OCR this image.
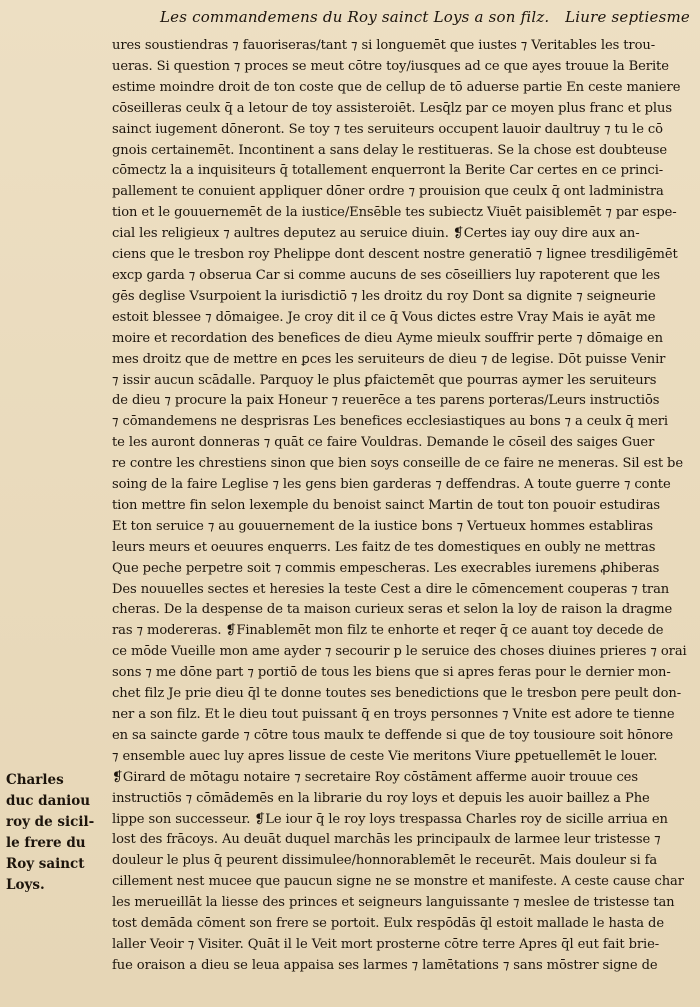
Les commandemens du Roy sainct Loys a son filz. Liure septiesme
ures soustiendras ⁊ fauoriseras/tant ⁊ si longuemēt que iustes ⁊ Veritables les trou-
ueras. Si question ⁊ proces se meut cōtre toy/iusques ad ce que ayes trouue la Berite
estime moindre droit de ton coste que de cellup de tō aduerse partie En ceste maniere
cōseilleras ceulx q̄ a letour de toy assisteroiēt. Lesq̄lz par ce moyen plus franc et plus
sainct iugement dōneront. Se toy ⁊ tes seruiteurs occupent lauoir daultruy ⁊ tu le cō
gnois certainemēt. Incontinent a sans delay le restitueras. Se la chose est doubteuse
cōmectz la a inquisiteurs q̄ totallement enquerront la Berite Car certes en ce princi-
pallement te conuient appliquer dōner ordre ⁊ prouision que ceulx q̄ ont ladministra
tion et le gouuernemēt de la iustice/Ensēble tes subiectz Viuēt paisiblemēt ⁊ par espe-
cial les religieux ⁊ aultres deputez au seruice diuin. ❡Certes iay ouy dire aux an-
ciens que le tresbon roy Phelippe dont descent nostre generatiō ⁊ lignee tresdiligēmēt
excp garda ⁊ obserua Car si comme aucuns de ses cōseilliers luy rapoterent que les
gēs deglise Vsurpoient la iurisdictiō ⁊ les droitz du roy Dont sa dignite ⁊ seigneurie
estoit blessee ⁊ dōmaigee. Je croy dit il ce q̄ Vous dictes estre Vray Mais ie ayāt me
moire et recordation des benefices de dieu Ayme mieulx souffrir perte ⁊ dōmaige en
mes droitz que de mettre en ꝑces les seruiteurs de dieu ⁊ de legise. Dōt puisse Venir
⁊ issir aucun scādalle. Parquoy le plus ꝑfaictemēt que pourras aymer les seruiteurs
de dieu ⁊ procure la paix Honeur ⁊ reuerēce a tes parens porteras/Leurs instructiōs
⁊ cōmandemens ne desprisras Les benefices ecclesiastiques au bons ⁊ a ceulx q̄ meri
te les auront donneras ⁊ quāt ce faire Vouldras. Demande le cōseil des saiges Guer
re contre les chrestiens sinon que bien soys conseille de ce faire ne meneras. Sil est be
soing de la faire Leglise ⁊ les gens bien garderas ⁊ deffendras. A toute guerre ⁊ conte
tion mettre fin selon lexemple du benoist sainct Martin de tout ton pouoir estudiras
Et ton seruice ⁊ au gouuernement de la iustice bons ⁊ Vertueux hommes establiras
leurs meurs et oeuures enquerrs. Les faitz de tes domestiques en oubly ne mettras
Que peche perpetre soit ⁊ commis empescheras. Les execrables iuremens ꝓhiberas
Des nouuelles sectes et heresies la teste Cest a dire le cōmencement couperas ⁊ tran
cheras. De la despense de ta maison curieux seras et selon la loy de raison la dragme
ras ⁊ modereras. ❡Finablemēt mon filz te enhorte et reqer q̄ ce auant toy decede de
ce mōde Vueille mon ame ayder ⁊ secourir p le seruice des choses diuines prieres ⁊ orai
sons ⁊ me dōne part ⁊ portiō de tous les biens que si apres feras pour le dernier mon-
chet filz Je prie dieu q̄l te donne toutes ses benedictions que le tresbon pere peult don-
ner a son filz. Et le dieu tout puissant q̄ en troys personnes ⁊ Vnite est adore te tienne
en sa saincte garde ⁊ cōtre tous maulx te deffende si que de toy tousioure soit hōnore
⁊ ensemble auec luy apres lissue de ceste Vie meritons Viure ꝑpetuellemēt le louer.
❡Girard de mōtagu notaire ⁊ secretaire Roy cōstāment afferme auoir trouue ces
instructiōs ⁊ cōmādemēs en la librarie du roy loys et depuis les auoir baillez a Phe
lippe son successeur. ❡Le iour q̄ le roy loys trespassa Charles roy de sicille arriua en
lost des frācoys. Au deuāt duquel marchās les principaulx de larmee leur tristesse ⁊
douleur le plus q̄ peurent dissimulee/honnorablemēt le receurēt. Mais douleur si fa
cillement nest mucee que paucun signe ne se monstre et manifeste. A ceste cause char
les merueillāt la liesse des princes et seigneurs languissante ⁊ meslee de tristesse tan
tost demāda cōment son frere se portoit. Eulx respōdās q̄l estoit mallade le hasta de
laller Veoir ⁊ Visiter. Quāt il le Veit mort prosterne cōtre terre Apres q̄l eut fait brie-
fue oraison a dieu se leua appaisa ses larmes ⁊ lamētations ⁊ sans mōstrer signe de
Charles
duc daniou
roy de sicil-
le frere du
Roy sainct
Loys.
